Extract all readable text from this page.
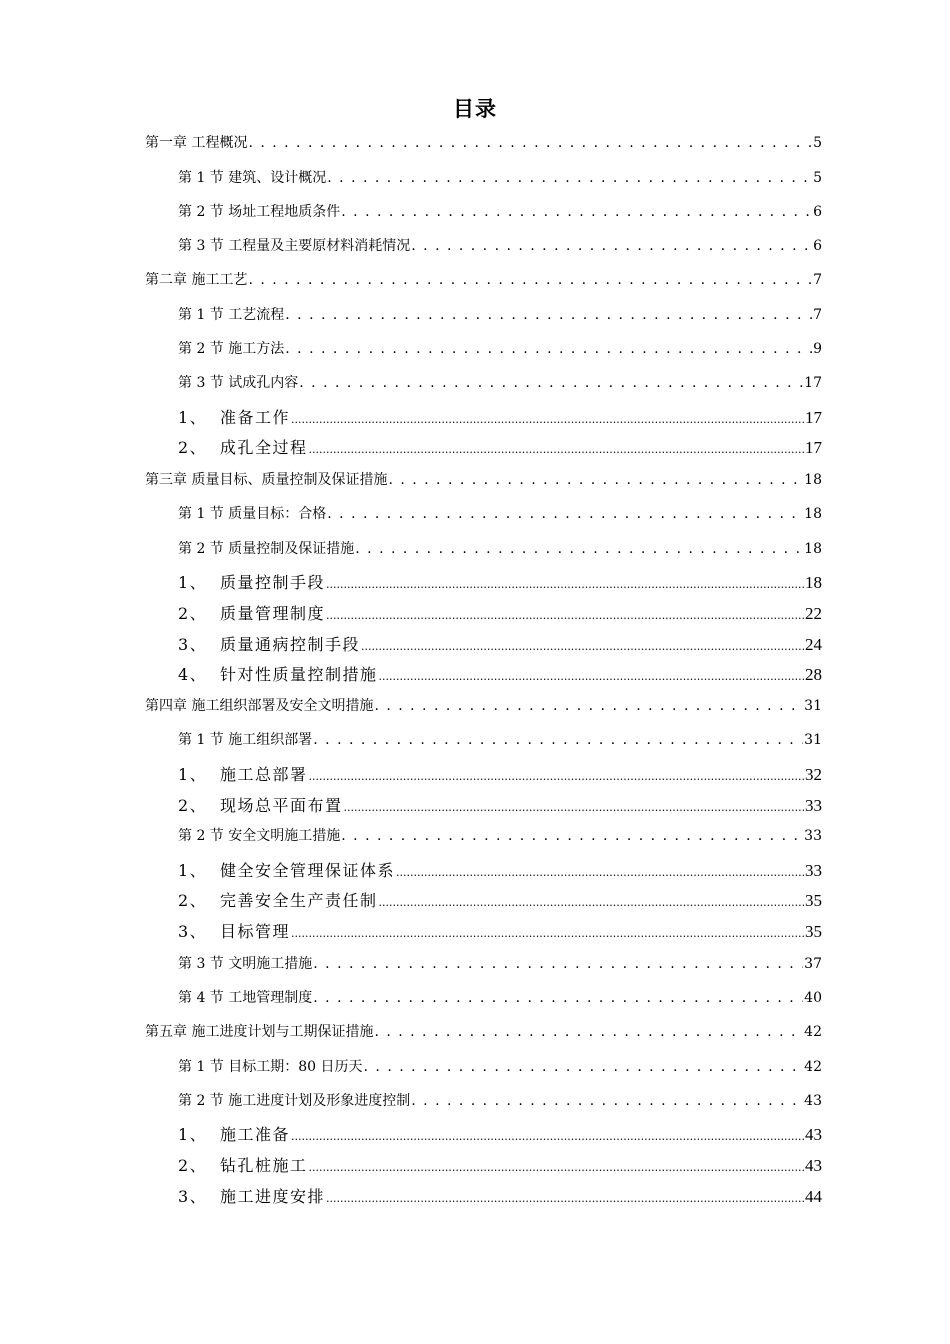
目录
第一章 工程概况 . . .	5
第 1 节 建筑、设计概况 . . .	5
第 2 节 场址工程地质条件 . . .	6
第 3 节 工程量及主要原材料消耗情况 . . .	6
第二章 施工工艺 . . .	7
第 1 节 工艺流程 . . .	7
第 2 节 施工方法 . . .	9
第 3 节 试成孔内容 . . .	17
1、 准备工作 .....	17
2、 成孔全过程 .....	17
第三章 质量目标、质量控制及保证措施 . . .	18
第 1 节 质量目标：合格 . . .	18
第 2 节 质量控制及保证措施 . . .	18
1、 质量控制手段 .....	18
2、 质量管理制度 .....	22
3、 质量通病控制手段 .....	24
4、 针对性质量控制措施 .....	28
第四章 施工组织部署及安全文明措施 . . .	31
第 1 节 施工组织部署 . . .	31
1、 施工总部署 .....	32
2、 现场总平面布置 .....	33
第 2 节 安全文明施工措施 . . .	33
1、 健全安全管理保证体系 .....	33
2、 完善安全生产责任制 .....	35
3、 目标管理 .....	35
第 3 节 文明施工措施 . . .	37
第 4 节 工地管理制度 . . .	40
第五章 施工进度计划与工期保证措施 . . .	42
第 1 节 目标工期：80 日历天 . . .	42
第 2 节 施工进度计划及形象进度控制 . . .	43
1、 施工准备 .....	43
2、 钻孔桩施工 .....	43
3、 施工进度安排 .....	44
